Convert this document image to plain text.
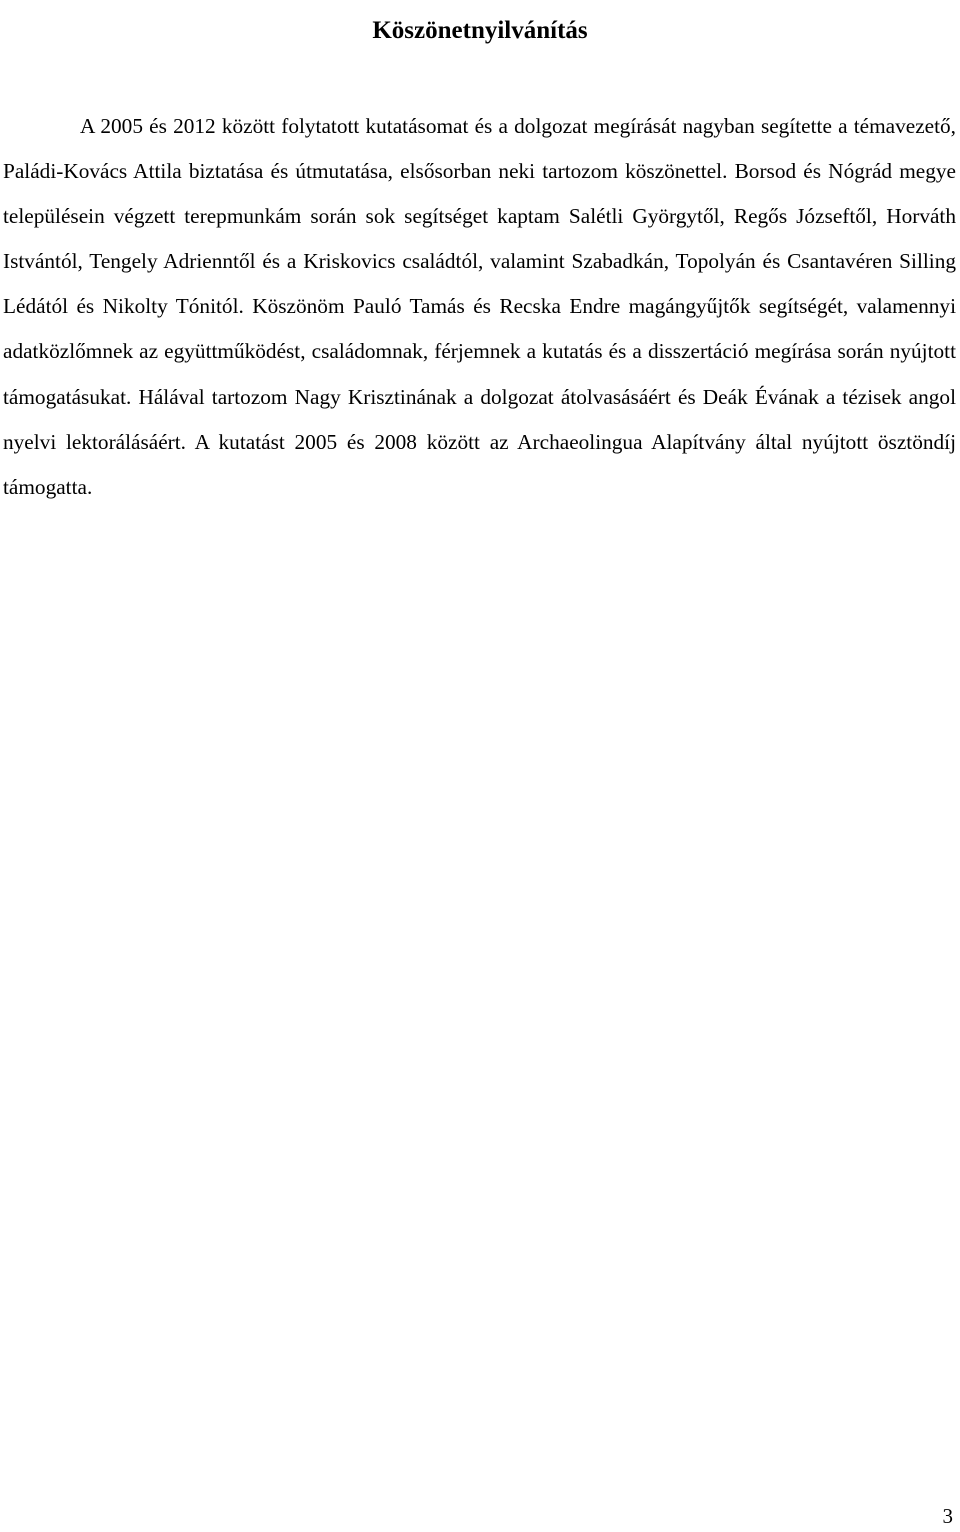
Köszönetnyilvánítás

A 2005 és 2012 között folytatott kutatásomat és a dolgozat megírását nagyban segítette a témavezető, Paládi-Kovács Attila biztatása és útmutatása, elsősorban neki tartozom köszönettel. Borsod és Nógrád megye településein végzett terepmunkám során sok segítséget kaptam Salétli Györgytől, Regős Józseftől, Horváth Istvántól, Tengely Adrienntől és a Kriskovics családtól, valamint Szabadkán, Topolyán és Csantavéren Silling Lédától és Nikolty Tónitól. Köszönöm Pauló Tamás és Recska Endre magángyűjtők segítségét, valamennyi adatközlőmnek az együttműködést, családomnak, férjemnek a kutatás és a disszertáció megírása során nyújtott támogatásukat. Hálával tartozom Nagy Krisztinának a dolgozat átolvasásáért és Deák Évának a tézisek angol nyelvi lektorálásáért. A kutatást 2005 és 2008 között az Archaeolingua Alapítvány által nyújtott ösztöndíj támogatta.

3
